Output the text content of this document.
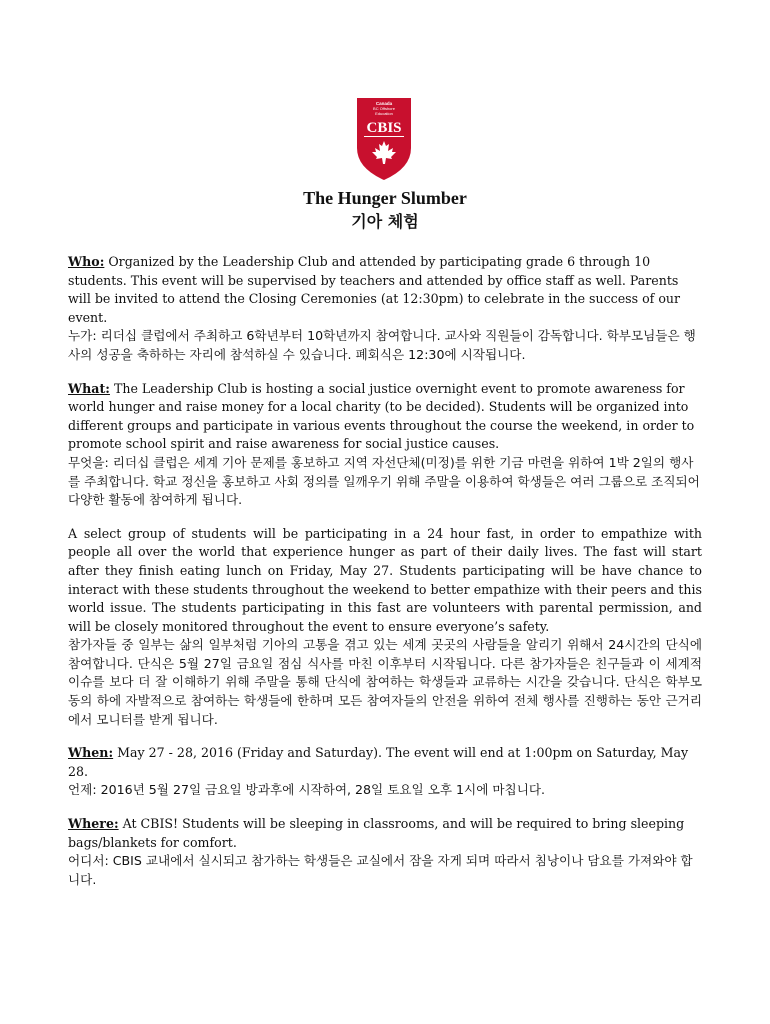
Canada
BC Offshore
Education
CBIS
The Hunger Slumber
기아 체험

Who: Organized by the Leadership Club and attended by participating grade 6 through 10 students. This event will be supervised by teachers and attended by office staff as well. Parents will be invited to attend the Closing Ceremonies (at 12:30pm) to celebrate in the success of our event.

누가: 리더십 클럽에서 주최하고 6학년부터 10학년까지 참여합니다. 교사와 직원들이 감독합니다. 학부모님들은 행사의 성공을 축하하는 자리에 참석하실 수 있습니다. 폐회식은 12:30에 시작됩니다.

What: The Leadership Club is hosting a social justice overnight event to promote awareness for world hunger and raise money for a local charity (to be decided). Students will be organized into different groups and participate in various events throughout the course the weekend, in order to promote school spirit and raise awareness for social justice causes.

무엇을: 리더십 클럽은 세계 기아 문제를 홍보하고 지역 자선단체(미정)를 위한 기금 마련을 위하여 1박 2일의 행사를 주최합니다. 학교 정신을 홍보하고 사회 정의를 일깨우기 위해 주말을 이용하여 학생들은 여러 그룹으로 조직되어 다양한 활동에 참여하게 됩니다.

A select group of students will be participating in a 24 hour fast, in order to empathize with people all over the world that experience hunger as part of their daily lives. The fast will start after they finish eating lunch on Friday, May 27. Students participating will be have chance to interact with these students throughout the weekend to better empathize with their peers and this world issue. The students participating in this fast are volunteers with parental permission, and will be closely monitored throughout the event to ensure everyone’s safety.

참가자들 중 일부는 삶의 일부처럼 기아의 고통을 겪고 있는 세계 곳곳의 사람들을 알리기 위해서 24시간의 단식에 참여합니다. 단식은 5월 27일 금요일 점심 식사를 마친 이후부터 시작됩니다. 다른 참가자들은 친구들과 이 세계적 이슈를 보다 더 잘 이해하기 위해 주말을 통해 단식에 참여하는 학생들과 교류하는 시간을 갖습니다. 단식은 학부모 동의 하에 자발적으로 참여하는 학생들에 한하며 모든 참여자들의 안전을 위하여 전체 행사를 진행하는 동안 근거리에서 모니터를 받게 됩니다.

When: May 27 - 28, 2016 (Friday and Saturday). The event will end at 1:00pm on Saturday, May 28.

언제: 2016년 5월 27일 금요일 방과후에 시작하여, 28일 토요일 오후 1시에 마칩니다.

Where: At CBIS! Students will be sleeping in classrooms, and will be required to bring sleeping bags/blankets for comfort.

어디서: CBIS 교내에서 실시되고 참가하는 학생들은 교실에서 잠을 자게 되며 따라서 침낭이나 담요를 가져와야 합니다.
